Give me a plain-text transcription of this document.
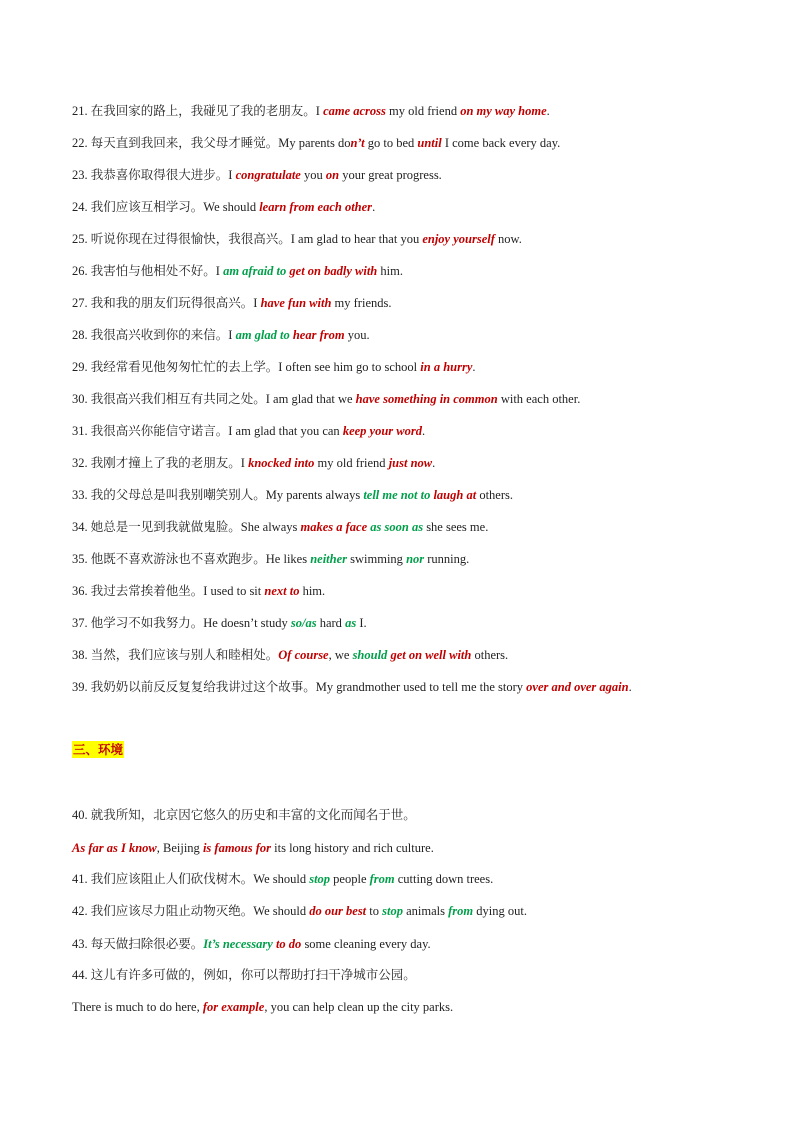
21. 在我回家的路上，我碰见了我的老朋友。I came across my old friend on my way home.
22. 每天直到我回来，我父母才睡觉。My parents don’t go to bed until I come back every day.
23. 我恭喜你取得很大进步。I congratulate you on your great progress.
24. 我们应该互相学习。We should learn from each other.
25. 听说你现在过得很愉快，我很高兴。I am glad to hear that you enjoy yourself now.
26. 我害怕与他相处不好。I am afraid to get on badly with him.
27. 我和我的朋友们玩得很高兴。I have fun with my friends.
28. 我很高兴收到你的来信。I am glad to hear from you.
29. 我经常看见他匆匆忙忙的去上学。I often see him go to school in a hurry.
30. 我很高兴我们相互有共同之处。I am glad that we have something in common with each other.
31. 我很高兴你能信守诺言。I am glad that you can keep your word.
32. 我刚才撞上了我的老朋友。I knocked into my old friend just now.
33. 我的父母总是叫我别嘲笑别人。My parents always tell me not to laugh at others.
34. 她总是一见到我就做鬼脸。She always makes a face as soon as she sees me.
35. 他既不喜欢游泳也不喜欢跑步。He likes neither swimming nor running.
36. 我过去常挨着他坐。I used to sit next to him.
37. 他学习不如我努力。He doesn’t study so/as hard as I.
38. 当然，我们应该与别人和睦相处。Of course, we should get on well with others.
39. 我奶奶以前反反复复给我讲过这个故事。My grandmother used to tell me the story over and over again.
40. 就我所知，北京因它悠久的历史和丰富的文化而闻名于世。
As far as I know, Beijing is famous for its long history and rich culture.
41. 我们应该阻止人们砍伐树木。We should stop people from cutting down trees.
42. 我们应该尽力阻止动物灭绝。We should do our best to stop animals from dying out.
43. 每天做扫除很必要。It’s necessary to do some cleaning every day.
44. 这儿有许多可做的，例如，你可以帮助打扫干净城市公园。
There is much to do here, for example, you can help clean up the city parks.
三、环境
